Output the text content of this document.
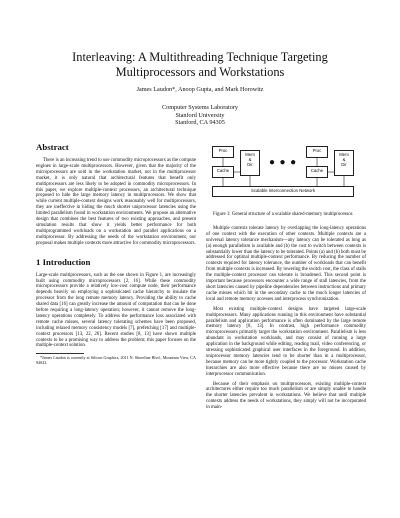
Interleaving: A Multithreading Technique Targeting Multiprocessors and Workstations
James Laudon*, Anoop Gupta, and Mark Horowitz
Computer Systems Laboratory
Stanford University
Stanford, CA 94305
Abstract

There is an increasing trend to use commodity microprocessors as the compute engines in large-scale multiprocessors. However, given that the majority of the microprocessors are sold in the workstation market, not in the multiprocessor market, it is only natural that architectural features that benefit only multiprocessors are less likely to be adopted in commodity microprocessors. In this paper, we explore multiple-context processors, an architectural technique proposed to hide the large memory latency in multiprocessors. We show that while current multiple-context designs work reasonably well for multiprocessors, they are ineffective in hiding the much shorter uniprocessor latencies using the limited parallelism found in workstation environments. We propose an alternative design that combines the best features of two existing approaches, and present simulation results that show it yields better performance for both multiprogrammed workloads on a workstation and parallel applications on a multiprocessor. By addressing the needs of the workstation environment, our proposal makes multiple contexts more attractive for commodity microprocessors.

1 Introduction

Large-scale multiprocessors, such as the one shown in Figure 1, are increasingly built using commodity microprocessors [2, 16]. While these commodity microprocessors provide a relatively low-cost compute node, their performance depends heavily on employing a sophisticated cache hierarchy to insulate the processor from the long remote memory latency. Providing the ability to cache shared data [16] can greatly increase the amount of computation that can be done before requiring a long-latency operation; however, it cannot remove the long-latency operations completely. To address the performance loss associated with remote cache misses, several latency tolerating schemes have been proposed, including relaxed memory consistency models [7], prefetching [17] and multiple-context processors [13, 22, 26]. Recent studies [8, 13] have shown multiple contexts to be a promising way to address the problem; this paper focuses on the multiple-context solution.

*James Laudon is currently at Silicon Graphics, 2011 N. Shoreline Blvd., Mountain View, CA 94043.

Proc
Cache
Mem
&
Dir	● ● ●
Proc
Cache
Mem
&
Dir
Scalable Interconnection Network

Figure 1: General structure of a scalable shared-memory multiprocessor.

Multiple contexts tolerate latency by overlapping the long-latency operations of one context with the execution of other contexts. Multiple contexts are a universal latency tolerance mechanism—any latency can be tolerated as long as (a) enough parallelism is available and (b) the cost to switch between contexts is substantially lower than the latency to be tolerated. Points (a) and (b) both must be addressed for optimal multiple-context performance. By reducing the number of contexts required for latency tolerance, the number of workloads that can benefit from multiple contexts is increased. By lowering the switch cost, the class of stalls the multiple-context processor can tolerate is broadened. This second point is important because processors encounter a wide range of stall latencies, from the short latencies caused by pipeline dependencies between instructions and primary cache misses which hit in the secondary cache to the much longer latencies of local and remote memory accesses and interprocess synchronization.

Most existing multiple-context designs have targeted large-scale multiprocessors. Many applications running in this environment have substantial parallelism and application performance is often dominated by the large remote memory latency [8, 13]. In contrast, high performance commodity microprocessors primarily target the workstation environment. Parallelism is less abundant in workstation workloads, and may consist of running a large application in the background while editing, reading mail, video conferencing, or stressing sophisticated graphical user interfaces in the foreground. In addition, uniprocessor memory latencies tend to be shorter than in a multiprocessor, because memory can be more tightly coupled to the processor. Workstation cache hierarchies are also more effective because there are no misses caused by interprocessor communication.

Because of their emphasis on multiprocessors, existing multiple-context architectures either require too much parallelism or are simply unable to handle the shorter latencies prevalent in workstations. We believe that until multiple contexts address the needs of workstations, they simply will not be incorporated in main-
